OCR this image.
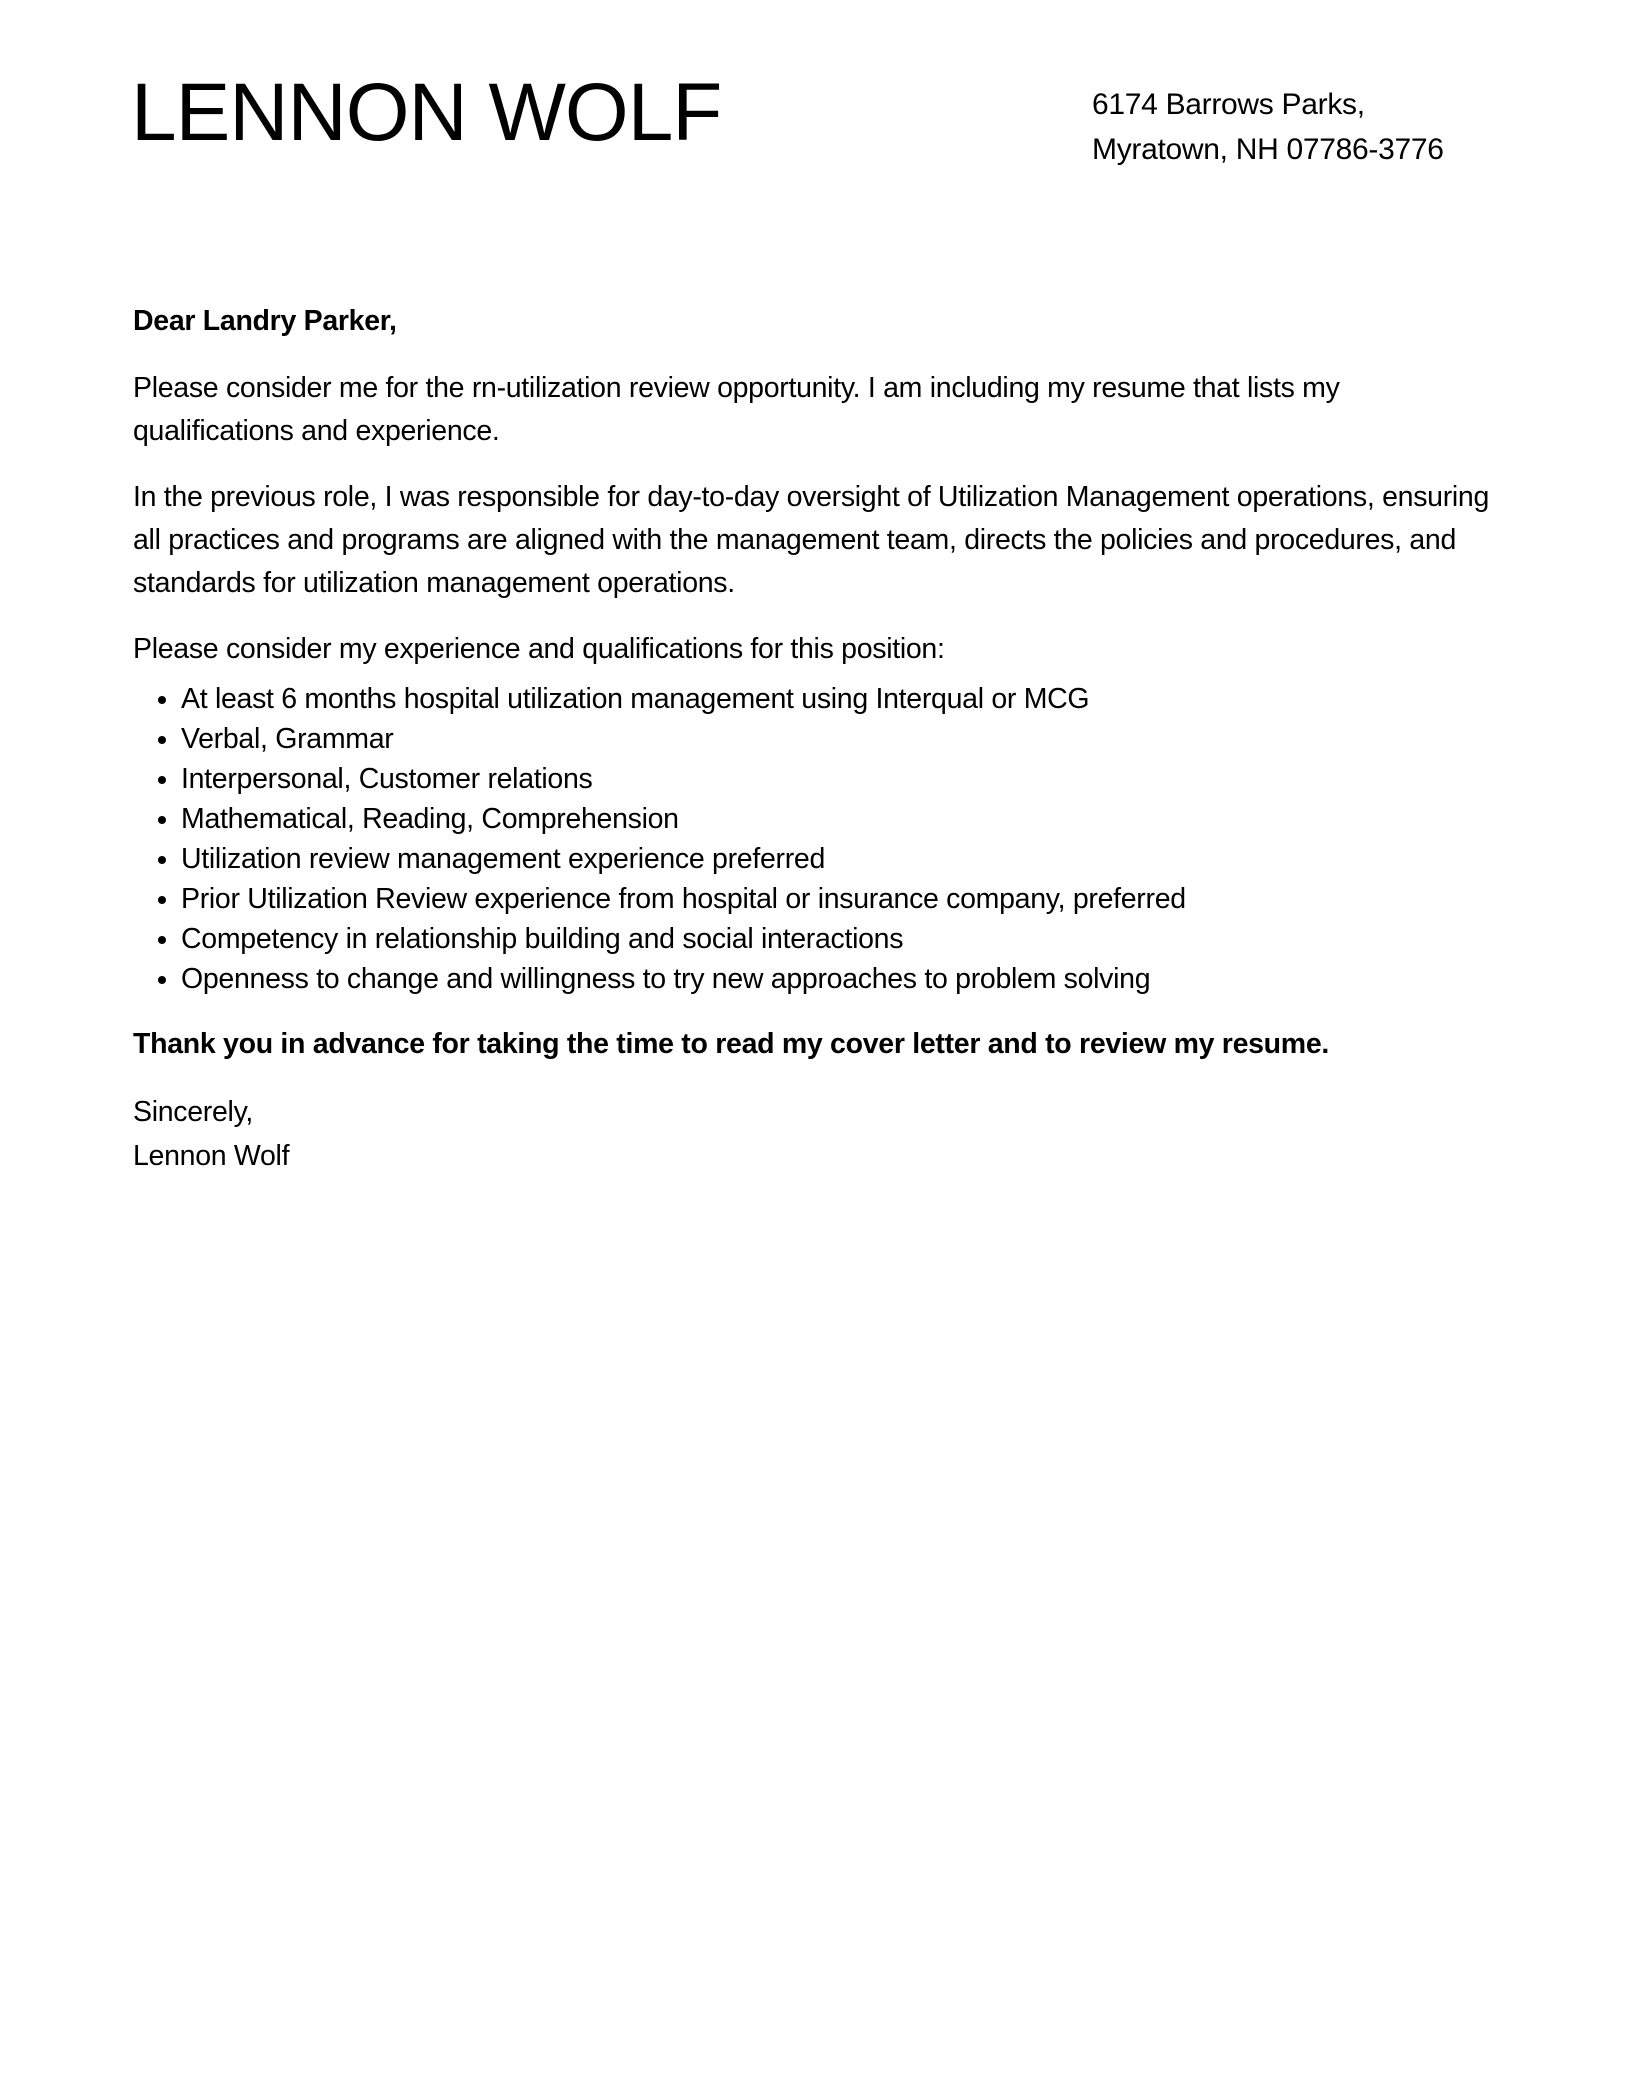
LENNON WOLF	6174 Barrows Parks,
Myratown, NH 07786-3776

Dear Landry Parker,

Please consider me for the rn-utilization review opportunity. I am including my resume that lists my qualifications and experience.

In the previous role, I was responsible for day-to-day oversight of Utilization Management operations, ensuring all practices and programs are aligned with the management team, directs the policies and procedures, and standards for utilization management operations.

Please consider my experience and qualifications for this position:

• At least 6 months hospital utilization management using Interqual or MCG
• Verbal, Grammar
• Interpersonal, Customer relations
• Mathematical, Reading, Comprehension
• Utilization review management experience preferred
• Prior Utilization Review experience from hospital or insurance company, preferred
• Competency in relationship building and social interactions
• Openness to change and willingness to try new approaches to problem solving

Thank you in advance for taking the time to read my cover letter and to review my resume.

Sincerely,
Lennon Wolf
